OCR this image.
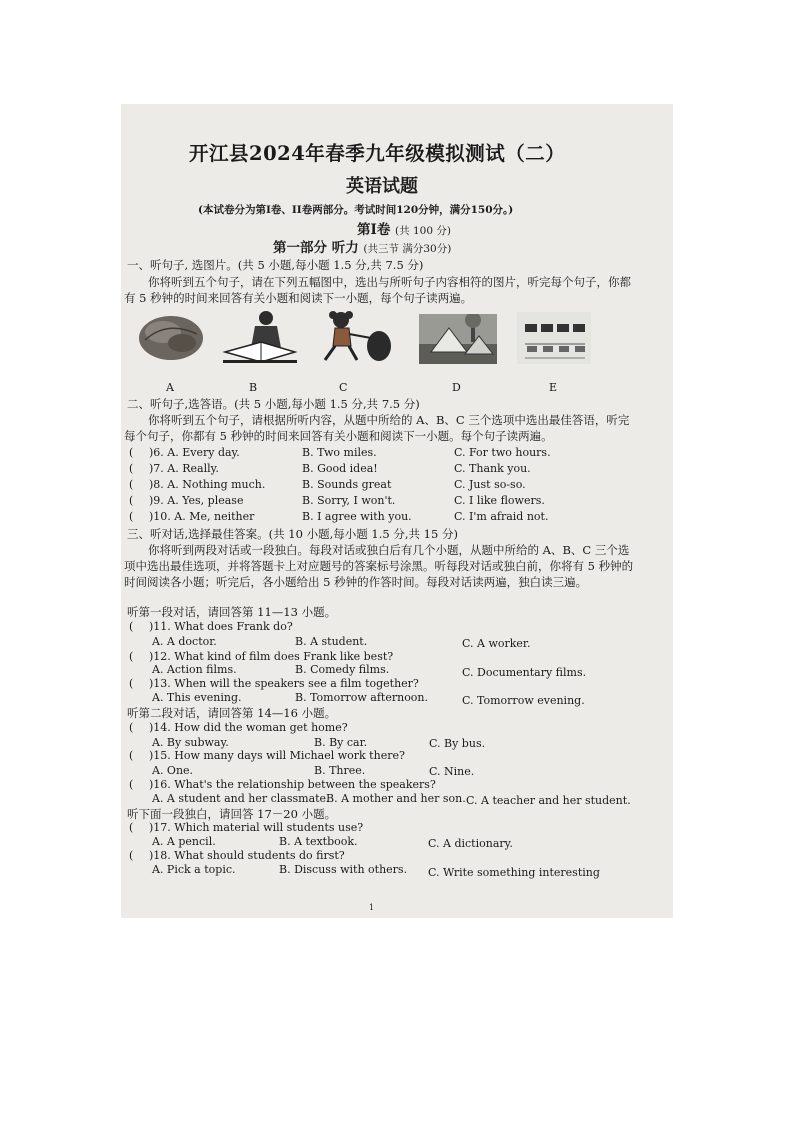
开江县2024年春季九年级模拟测试（二）
英语试题
(本试卷分为第I卷、II卷两部分。考试时间120分钟，满分150分。)
第I卷 (共 100 分)
第一部分 听力 (共三节 满分30分)
一、听句子, 选图片。(共 5 小题,每小题 1.5 分,共 7.5 分)
你将听到五个句子，请在下列五幅图中，选出与所听句子内容相符的图片，听完每个句子，你都有 5 秒钟的时间来回答有关小题和阅读下一小题，每个句子读两遍。
A	B	C	D	E
二、听句子,选答语。(共 5 小题,每小题 1.5 分,共 7.5 分)
你将听到五个句子，请根据所听内容，从题中所给的 A、B、C 三个选项中选出最佳答语，听完每个句子，你都有 5 秒钟的时间来回答有关小题和阅读下一小题。每个句子读两遍。
( )6. A. Every day.	B. Two miles.	C. For two hours.
( )7. A. Really.	B. Good idea!	C. Thank you.
( )8. A. Nothing much.	B. Sounds great	C. Just so-so.
( )9. A. Yes, please	B. Sorry, I won't.	C. I like flowers.
( )10. A. Me, neither	B. I agree with you.	C. I'm afraid not.
三、听对话,选择最佳答案。(共 10 小题,每小题 1.5 分,共 15 分)
你将听到两段对话或一段独白。每段对话或独白后有几个小题，从题中所给的 A、B、C 三个选项中选出最佳选项，并将答题卡上对应题号的答案标号涂黑。听每段对话或独白前，你将有 5 秒钟的时间阅读各小题；听完后，各小题给出 5 秒钟的作答时间。每段对话读两遍，独白读三遍。
听第一段对话，请回答第 11—13 小题。
( )11. What does Frank do?
A. A doctor.	B. A student.	C. A worker.
( )12. What kind of film does Frank like best?
A. Action films.	B. Comedy films.	C. Documentary films.
( )13. When will the speakers see a film together?
A. This evening.	B. Tomorrow afternoon.	C. Tomorrow evening.
听第二段对话，请回答第 14—16 小题。
( )14. How did the woman get home?
A. By subway.	B. By car.	C. By bus.
( )15. How many days will Michael work there?
A. One.	B. Three.	C. Nine.
( )16. What's the relationship between the speakers?
A. A student and her classmate.
B. A mother and her son. C. A teacher and her student.
听下面一段独白，请回答 17－20 小题。
( )17. Which material will students use?
A. A pencil.	B. A textbook.	C. A dictionary.
( )18. What should students do first?
A. Pick a topic.	B. Discuss with others. C. Write something interesting
1
